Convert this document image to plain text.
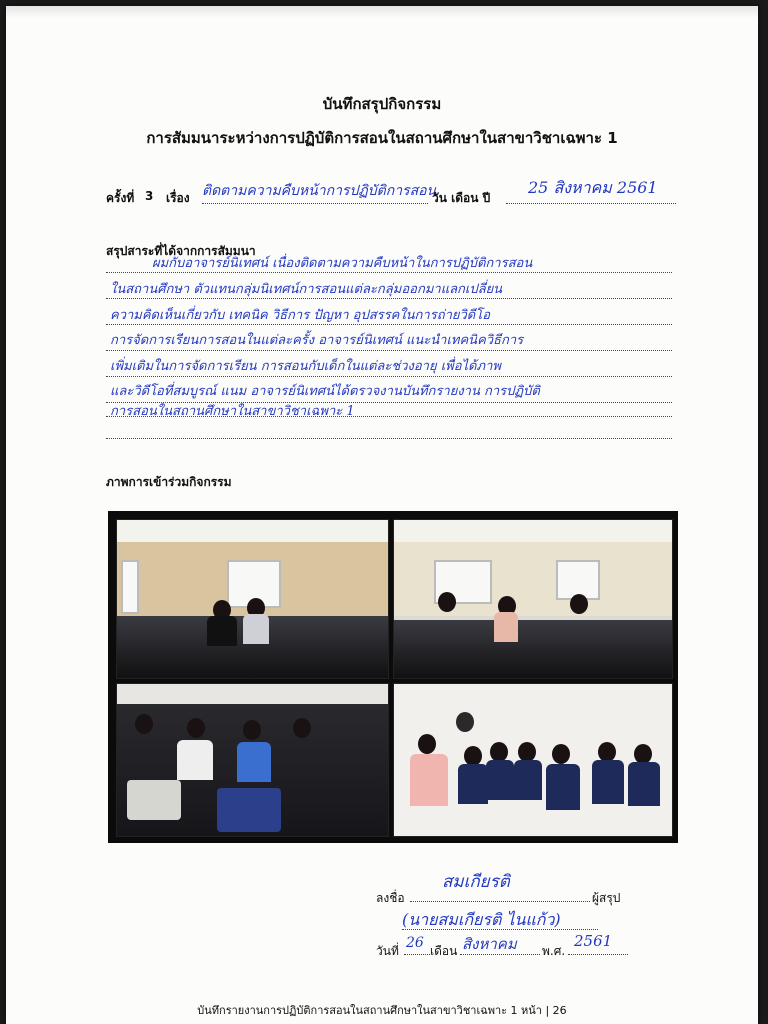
บันทึกสรุปกิจกรรม
การสัมมนาระหว่างการปฏิบัติการสอนในสถานศึกษาในสาขาวิชาเฉพาะ 1
ครั้งที่ 3 เรื่อง ติดตามความคืบหน้าการปฏิบัติการสอน
วัน เดือน ปี
25 สิงหาคม 2561
สรุปสาระที่ได้จากการสัมมนา
ผมกับอาจารย์นิเทศน์ เนื่องติดตามความคืบหน้าในการปฏิบัติการสอน
ในสถานศึกษา ตัวแทนกลุ่มนิเทศน์การสอนแต่ละกลุ่มออกมาแลกเปลี่ยน
ความคิดเห็นเกี่ยวกับ เทคนิค วิธีการ ปัญหา อุปสรรคในการถ่ายวิดีโอ
การจัดการเรียนการสอนในแต่ละครั้ง อาจารย์นิเทศน์ แนะนำเทคนิควิธีการ
เพิ่มเติมในการจัดการเรียน การสอนกับเด็กในแต่ละช่วงอายุ เพื่อได้ภาพ
และวิดีโอที่สมบูรณ์ แนม อาจารย์นิเทศน์ได้ตรวจงานบันทึกรายงาน การปฏิบัติ
การสอนในสถานศึกษาในสาขาวิชาเฉพาะ 1
ภาพการเข้าร่วมกิจกรรม
ลงชื่อ
สมเกียรติ
ผู้สรุป
(นายสมเกียรติ ไนแก้ว)
วันที่ 26 เดือน สิงหาคม พ.ศ.
2561
บันทึกรายงานการปฏิบัติการสอนในสถานศึกษาในสาขาวิชาเฉพาะ 1 หน้า | 26
